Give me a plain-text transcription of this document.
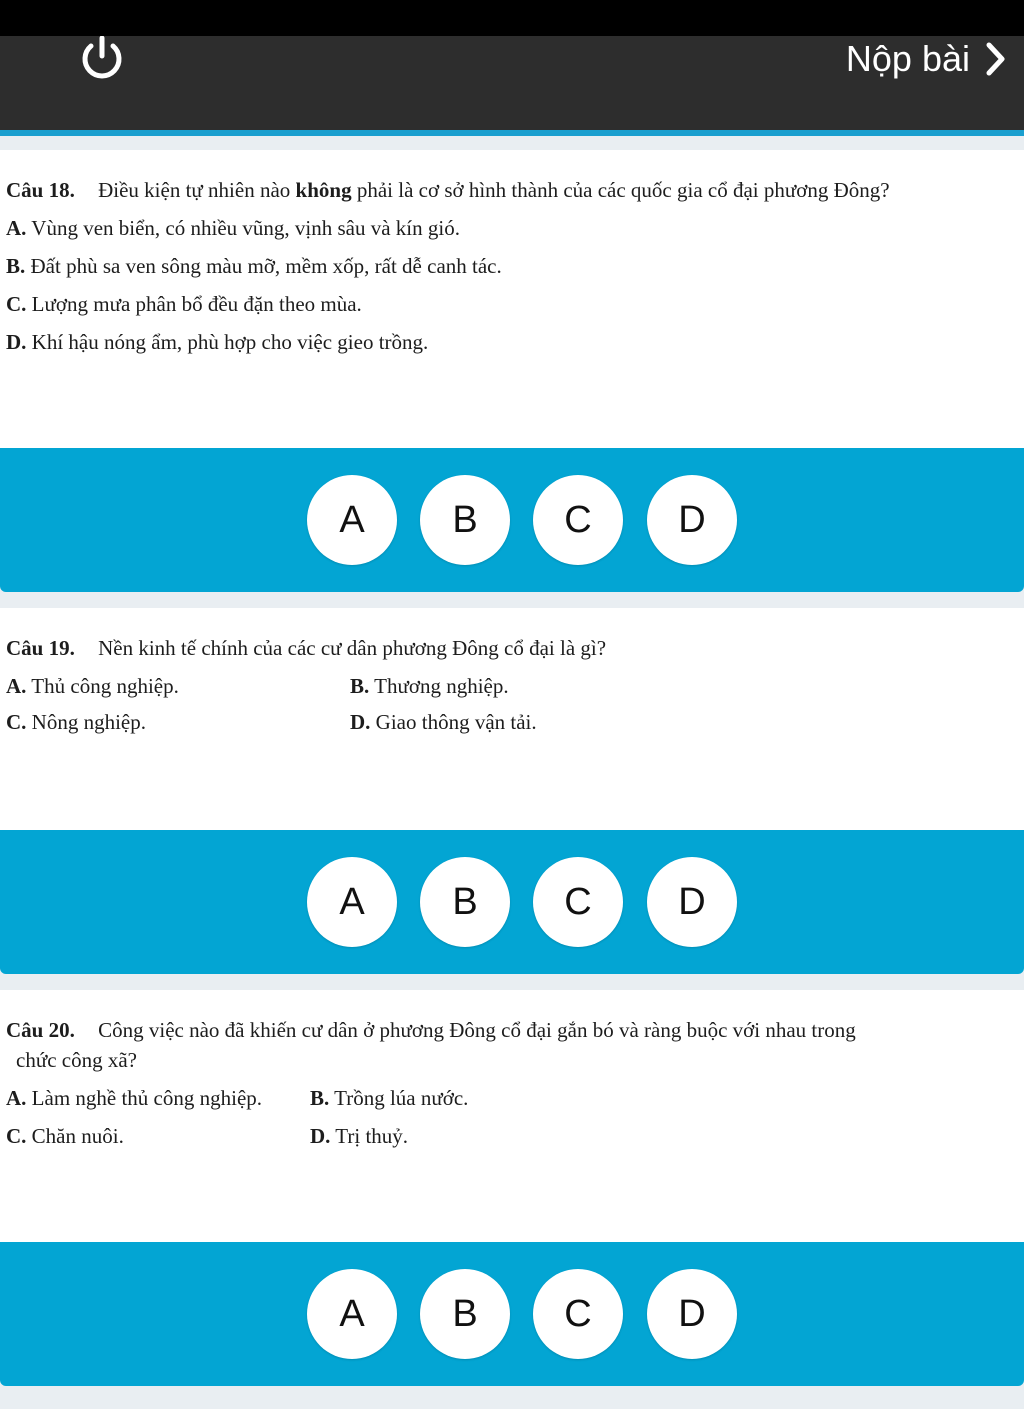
Nộp bài
Câu 18. Điều kiện tự nhiên nào không phải là cơ sở hình thành của các quốc gia cổ đại phương Đông?
A. Vùng ven biển, có nhiều vũng, vịnh sâu và kín gió.
B. Đất phù sa ven sông màu mỡ, mềm xốp, rất dễ canh tác.
C. Lượng mưa phân bổ đều đặn theo mùa.
D. Khí hậu nóng ẩm, phù hợp cho việc gieo trồng.
A	B	C	D
Câu 19. Nền kinh tế chính của các cư dân phương Đông cổ đại là gì?
A. Thủ công nghiệp.	B. Thương nghiệp.
C. Nông nghiệp.	D. Giao thông vận tải.
A	B	C	D
Câu 20. Công việc nào đã khiến cư dân ở phương Đông cổ đại gắn bó và ràng buộc với nhau trong
chức công xã?
A. Làm nghề thủ công nghiệp. B. Trồng lúa nước.
C. Chăn nuôi.	D. Trị thuỷ.
A	B	C	D
